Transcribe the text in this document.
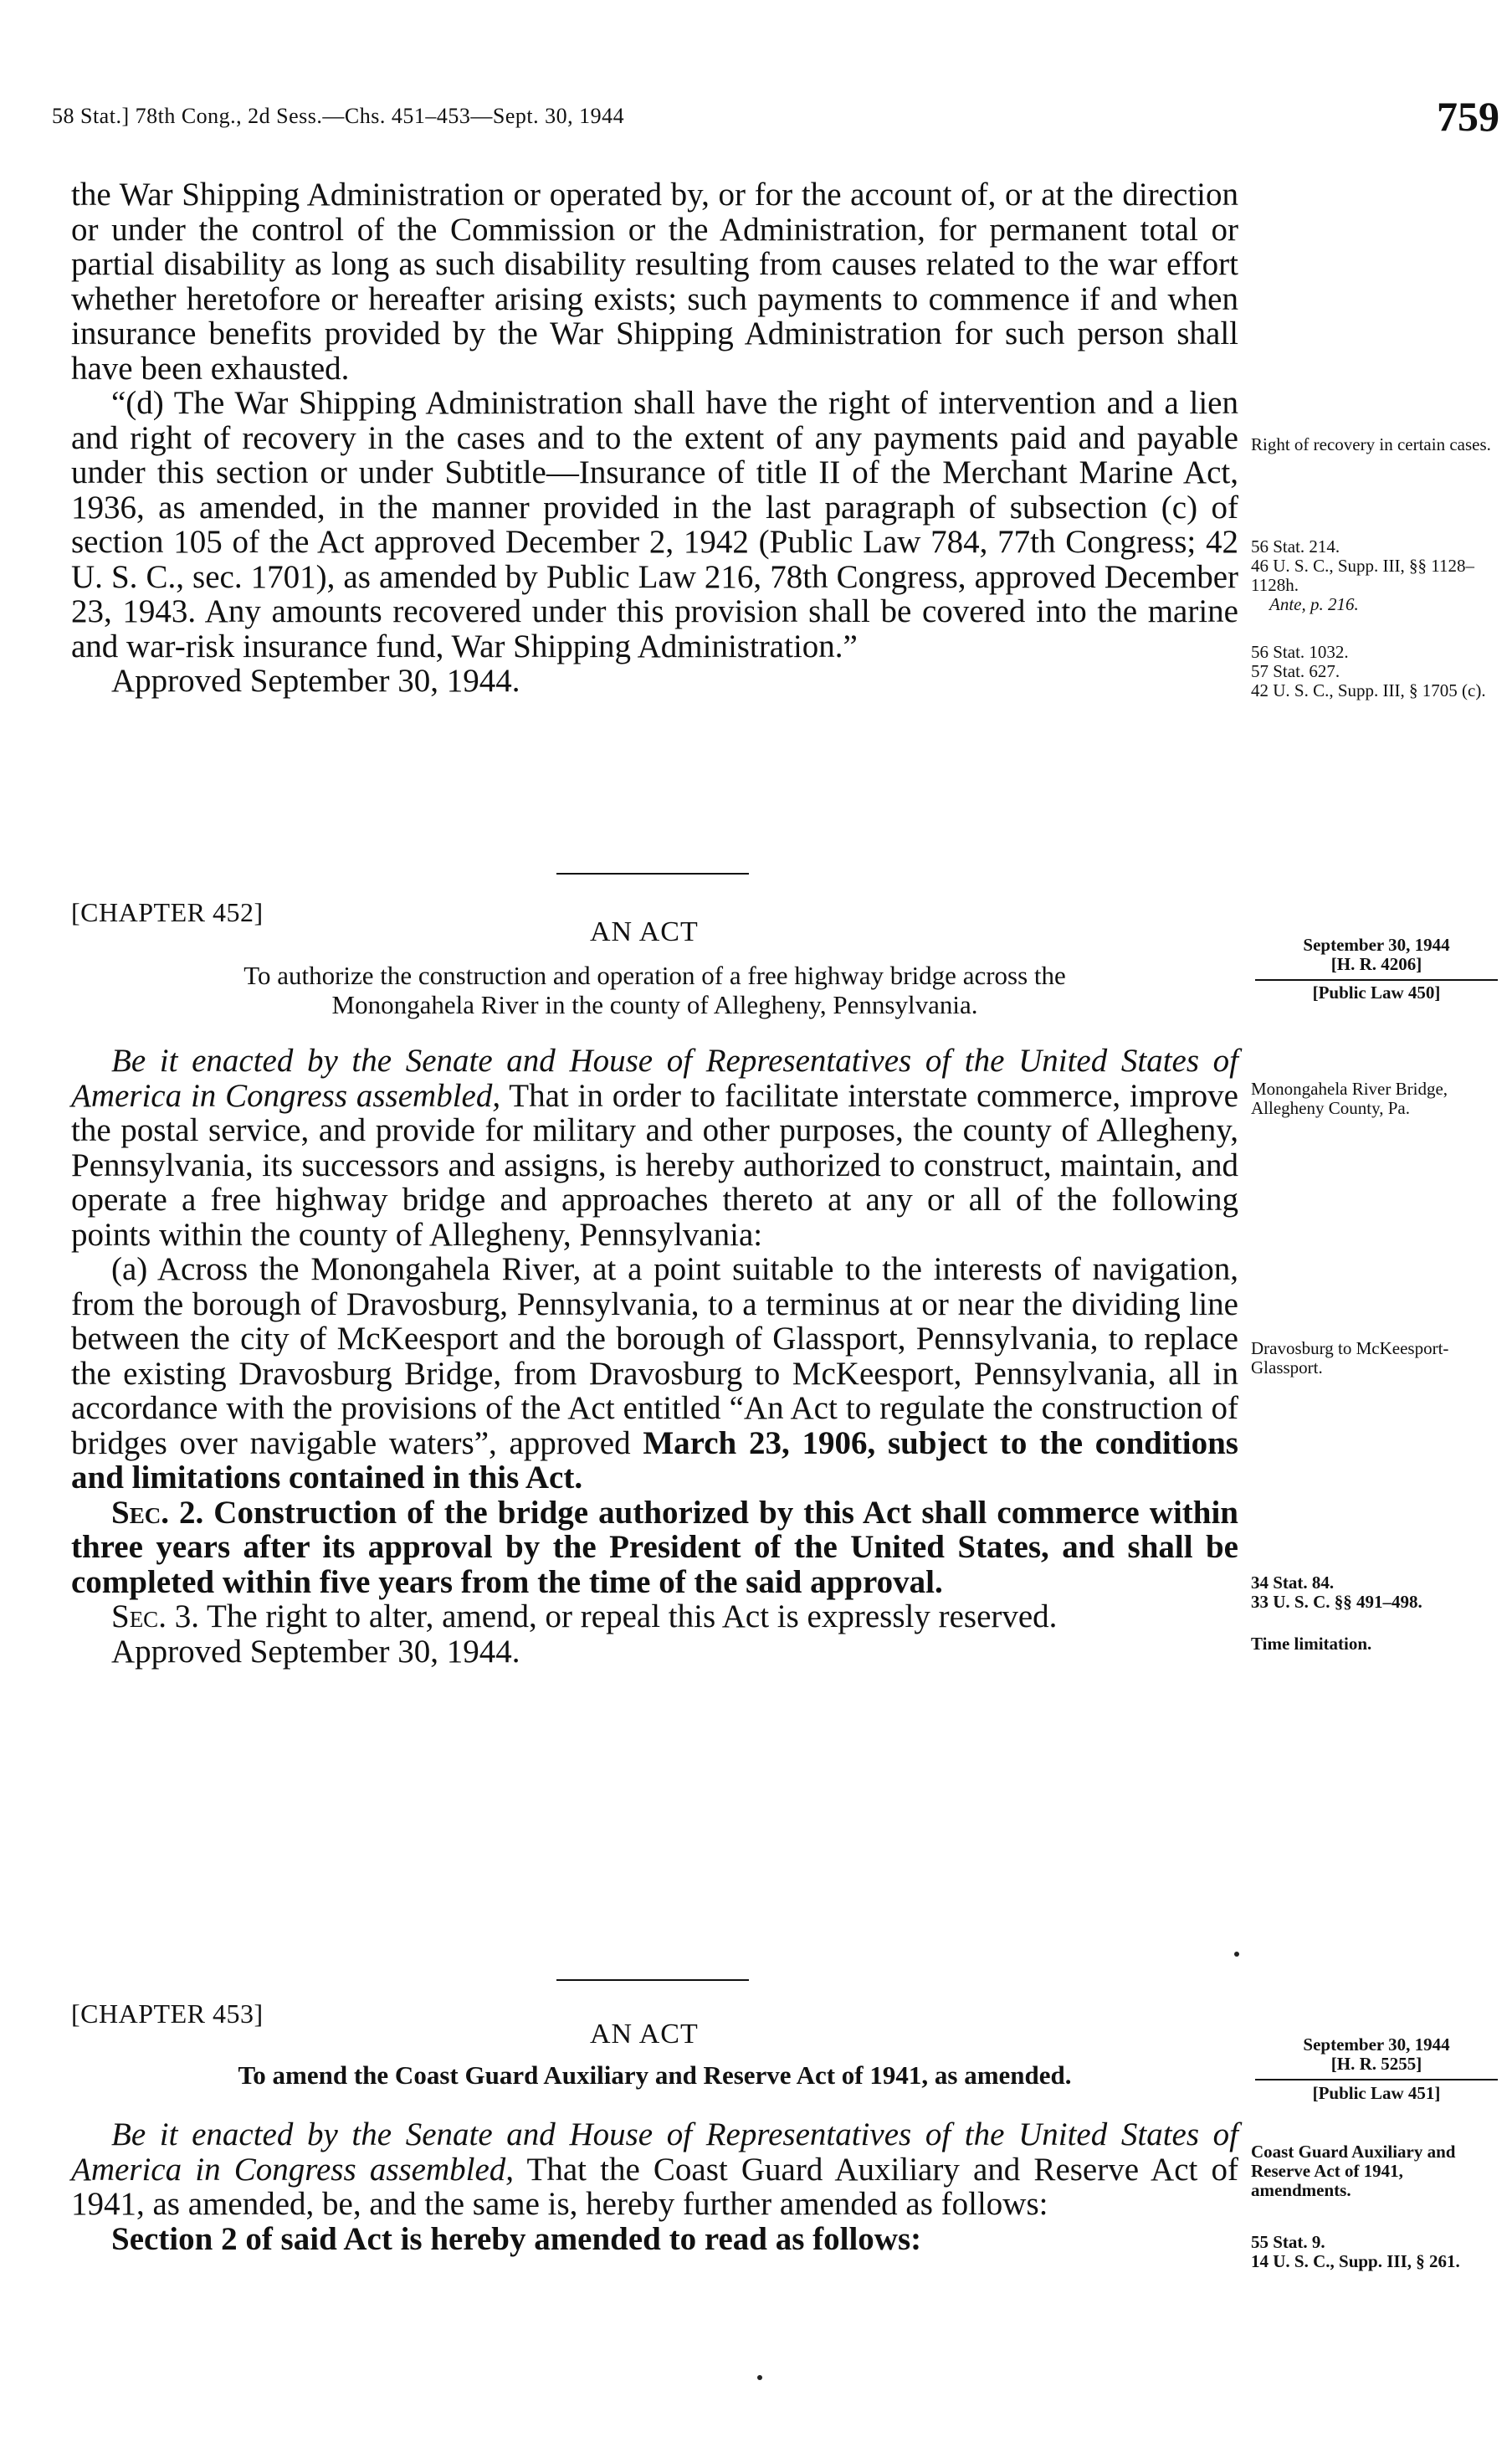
58 Stat.] 78th Cong., 2d Sess.—Chs. 451–453—Sept. 30, 1944	759

the War Shipping Administration or operated by, or for the account of, or at the direction or under the control of the Commission or the Administration, for permanent total or partial disability as long as such disability resulting from causes related to the war effort whether heretofore or hereafter arising exists; such payments to commence if and when insurance benefits provided by the War Shipping Administration for such person shall have been exhausted.

“(d) The War Shipping Administration shall have the right of intervention and a lien and right of recovery in the cases and to the extent of any payments paid and payable under this section or under Subtitle—Insurance of title II of the Merchant Marine Act, 1936, as amended, in the manner provided in the last paragraph of subsection (c) of section 105 of the Act approved December 2, 1942 (Public Law 784, 77th Congress; 42 U. S. C., sec. 1701), as amended by Public Law 216, 78th Congress, approved December 23, 1943. Any amounts recovered under this provision shall be covered into the marine and war-risk insurance fund, War Shipping Administration.”

Approved September 30, 1944.

Right of recovery in certain cases.
56 Stat. 214.
46 U. S. C., Supp. III, §§ 1128–1128h.
Ante, p. 216.
56 Stat. 1032.
57 Stat. 627.
42 U. S. C., Supp. III, § 1705 (c).
[CHAPTER 452]
AN ACT
To authorize the construction and operation of a free highway bridge across the
Monongahela River in the county of Allegheny, Pennsylvania.
September 30, 1944
[H. R. 4206]
[Public Law 450]

Be it enacted by the Senate and House of Representatives of the United States of America in Congress assembled, That in order to facilitate interstate commerce, improve the postal service, and provide for military and other purposes, the county of Allegheny, Pennsylvania, its successors and assigns, is hereby authorized to construct, maintain, and operate a free highway bridge and approaches thereto at any or all of the following points within the county of Allegheny, Pennsylvania:

(a) Across the Monongahela River, at a point suitable to the interests of navigation, from the borough of Dravosburg, Pennsylvania, to a terminus at or near the dividing line between the city of McKeesport and the borough of Glassport, Pennsylvania, to replace the existing Dravosburg Bridge, from Dravosburg to McKeesport, Pennsylvania, all in accordance with the provisions of the Act entitled “An Act to regulate the construction of bridges over navigable waters”, approved March 23, 1906, subject to the conditions and limitations contained in this Act.

Sec. 2. Construction of the bridge authorized by this Act shall commerce within three years after its approval by the President of the United States, and shall be completed within five years from the time of the said approval.

Sec. 3. The right to alter, amend, or repeal this Act is expressly reserved.

Approved September 30, 1944.

Monongahela River Bridge, Allegheny County, Pa.
Dravosburg to McKeesport-Glassport.
34 Stat. 84.
33 U. S. C. §§ 491–498.
Time limitation.
[CHAPTER 453]
AN ACT
To amend the Coast Guard Auxiliary and Reserve Act of 1941, as amended.
September 30, 1944
[H. R. 5255]
[Public Law 451]

Be it enacted by the Senate and House of Representatives of the United States of America in Congress assembled, That the Coast Guard Auxiliary and Reserve Act of 1941, as amended, be, and the same is, hereby further amended as follows:

Section 2 of said Act is hereby amended to read as follows:

Coast Guard Auxiliary and Reserve Act of 1941, amendments.
55 Stat. 9.
14 U. S. C., Supp. III, § 261.
